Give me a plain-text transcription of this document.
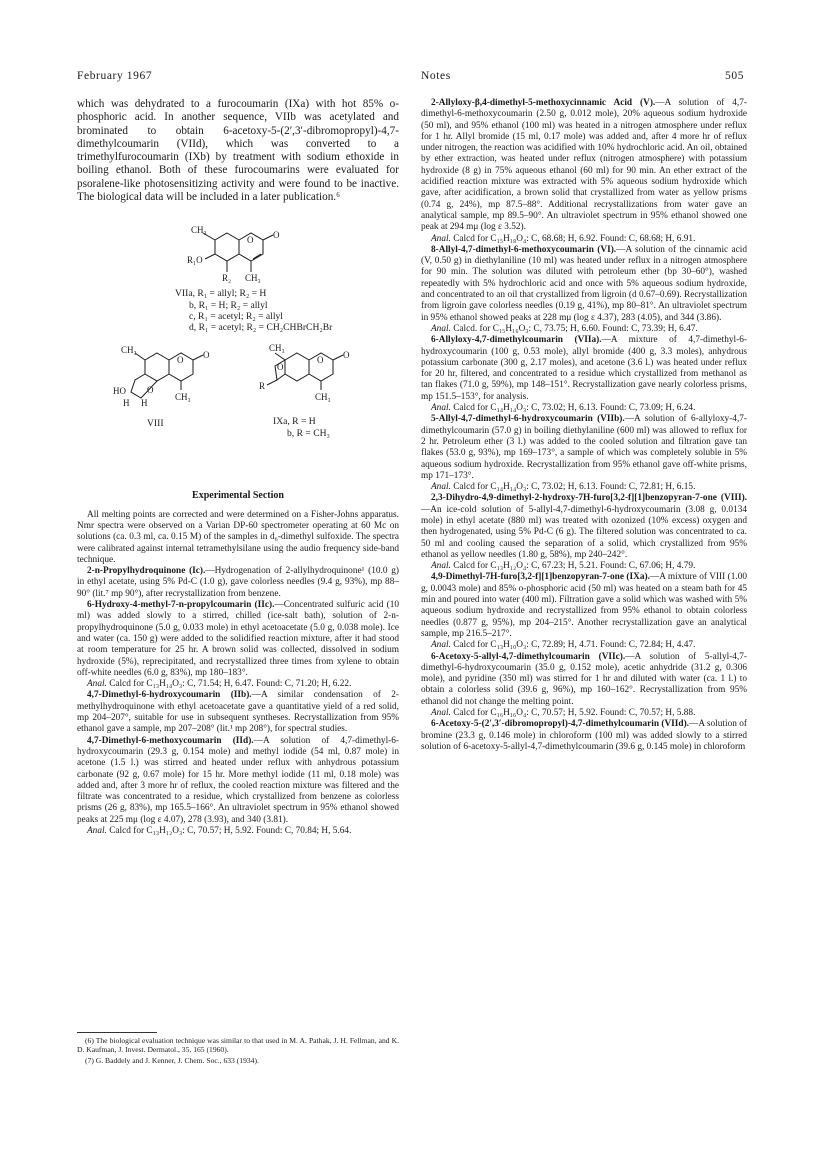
February 1967	Notes	505

which was dehydrated to a furocoumarin (IXa) with hot 85% o-phosphoric acid. In another sequence, VIIb was acetylated and brominated to obtain 6-acetoxy-5-(2′,3′-dibromopropyl)-4,7-dimethylcoumarin (VIId), which was converted to a trimethylfurocoumarin (IXb) by treatment with sodium ethoxide in boiling ethanol. Both of these furocoumarins were evaluated for psoralene-like photosensitizing activity and were found to be inactive. The biological data will be included in a later publication.⁶

CH₃
O O
R₁O
R₂ CH₃
CH₃
O O
O
HO
H H
CH₃
VIII
CH₃
O O
O
R
CH₃
VIIa, R₁ = allyl; R₂ = H
b, R₁ = H; R₂ = allyl
c, R₁ = acetyl; R₂ = allyl
d, R₁ = acetyl; R₂ = CH₂CHBrCH₂Br
IXa, R = H
b, R = CH₃
Experimental Section

All melting points are corrected and were determined on a Fisher-Johns apparatus. Nmr spectra were observed on a Varian DP-60 spectrometer operating at 60 Mc on solutions (ca. 0.3 ml, ca. 0.15 M) of the samples in d₆-dimethyl sulfoxide. The spectra were calibrated against internal tetramethylsilane using the audio frequency side-band technique.

2-n-Propylhydroquinone (Ic).—Hydrogenation of 2-allylhydroquinone¹ (10.0 g) in ethyl acetate, using 5% Pd-C (1.0 g), gave colorless needles (9.4 g, 93%), mp 88–90° (lit.⁷ mp 90°), after recrystallization from benzene.

6-Hydroxy-4-methyl-7-n-propylcoumarin (IIc).—Concentrated sulfuric acid (10 ml) was added slowly to a stirred, chilled (ice-salt bath), solution of 2-n-propylhydroquinone (5.0 g, 0.033 mole) in ethyl acetoacetate (5.0 g, 0.038 mole). Ice and water (ca. 150 g) were added to the solidified reaction mixture, after it had stood at room temperature for 25 hr. A brown solid was collected, dissolved in sodium hydroxide (5%), reprecipitated, and recrystallized three times from xylene to obtain off-white needles (6.0 g, 83%), mp 180–183°.

Anal. Calcd for C₁₃H₁₄O₃: C, 71.54; H, 6.47. Found: C, 71.20; H, 6.22.

4,7-Dimethyl-6-hydroxycoumarin (IIb).—A similar condensation of 2-methylhydroquinone with ethyl acetoacetate gave a quantitative yield of a red solid, mp 204–207°, suitable for use in subsequent syntheses. Recrystallization from 95% ethanol gave a sample, mp 207–208° (lit.¹ mp 208°), for spectral studies.

4,7-Dimethyl-6-methoxycoumarin (IId).—A solution of 4,7-dimethyl-6-hydroxycoumarin (29.3 g, 0.154 mole) and methyl iodide (54 ml, 0.87 mole) in acetone (1.5 l.) was stirred and heated under reflux with anhydrous potassium carbonate (92 g, 0.67 mole) for 15 hr. More methyl iodide (11 ml, 0.18 mole) was added and, after 3 more hr of reflux, the cooled reaction mixture was filtered and the filtrate was concentrated to a residue, which crystallized from benzene as colorless prisms (26 g, 83%), mp 165.5–166°. An ultraviolet spectrum in 95% ethanol showed peaks at 225 mμ (log ε 4.07), 278 (3.93), and 340 (3.81).

Anal. Calcd for C₁₃H₁₂O₃: C, 70.57; H, 5.92. Found: C, 70.84; H, 5.64.

(6) The biological evaluation technique was similar to that used in M. A. Pathak, J. H. Fellman, and K. D. Kaufman, J. Invest. Dermatol., 35, 165 (1960).

(7) G. Baddely and J. Kenner, J. Chem. Soc., 633 (1934).

2-Allyloxy-β,4-dimethyl-5-methoxycinnamic Acid (V).—A solution of 4,7-dimethyl-6-methoxycoumarin (2.50 g, 0.012 mole), 20% aqueous sodium hydroxide (50 ml), and 95% ethanol (100 ml) was heated in a nitrogen atmosphere under reflux for 1 hr. Allyl bromide (15 ml, 0.17 mole) was added and, after 4 more hr of reflux under nitrogen, the reaction was acidified with 10% hydrochloric acid. An oil, obtained by ether extraction, was heated under reflux (nitrogen atmosphere) with potassium hydroxide (8 g) in 75% aqueous ethanol (60 ml) for 90 min. An ether extract of the acidified reaction mixture was extracted with 5% aqueous sodium hydroxide which gave, after acidification, a brown solid that crystallized from water as yellow prisms (0.74 g, 24%), mp 87.5–88°. Additional recrystallizations from water gave an analytical sample, mp 89.5–90°. An ultraviolet spectrum in 95% ethanol showed one peak at 294 mμ (log ε 3.52).

Anal. Calcd for C₁₅H₁₈O₄: C, 68.68; H, 6.92. Found: C, 68.68; H, 6.91.

8-Allyl-4,7-dimethyl-6-methoxycoumarin (VI).—A solution of the cinnamic acid (V, 0.50 g) in diethylaniline (10 ml) was heated under reflux in a nitrogen atmosphere for 90 min. The solution was diluted with petroleum ether (bp 30–60°), washed repeatedly with 5% hydrochloric acid and once with 5% aqueous sodium hydroxide, and concentrated to an oil that crystallized from ligroin (d 0.67–0.69). Recrystallization from ligroin gave colorless needles (0.19 g, 41%), mp 80–81°. An ultraviolet spectrum in 95% ethanol showed peaks at 228 mμ (log ε 4.37), 283 (4.05), and 344 (3.86).

Anal. Calcd. for C₁₅H₁₆O₃: C, 73.75; H, 6.60. Found: C, 73.39; H, 6.47.

6-Allyloxy-4,7-dimethylcoumarin (VIIa).—A mixture of 4,7-dimethyl-6-hydroxycoumarin (100 g, 0.53 mole), allyl bromide (400 g, 3.3 moles), anhydrous potassium carbonate (300 g, 2.17 moles), and acetone (3.6 l.) was heated under reflux for 20 hr, filtered, and concentrated to a residue which crystallized from methanol as tan flakes (71.0 g, 59%), mp 148–151°. Recrystallization gave nearly colorless prisms, mp 151.5–153°, for analysis.

Anal. Calcd for C₁₄H₁₄O₃: C, 73.02; H, 6.13. Found: C, 73.09; H, 6.24.

5-Allyl-4,7-dimethyl-6-hydroxycoumarin (VIIb).—A solution of 6-allyloxy-4,7-dimethylcoumarin (57.0 g) in boiling diethylaniline (600 ml) was allowed to reflux for 2 hr. Petroleum ether (3 l.) was added to the cooled solution and filtration gave tan flakes (53.0 g, 93%), mp 169–173°, a sample of which was completely soluble in 5% aqueous sodium hydroxide. Recrystallization from 95% ethanol gave off-white prisms, mp 171–173°.

Anal. Calcd for C₁₄H₁₄O₃: C, 73.02; H, 6.13. Found: C, 72.81; H, 6.15.

2,3-Dihydro-4,9-dimethyl-2-hydroxy-7H-furo[3,2-f][1]benzopyran-7-one (VIII).—An ice-cold solution of 5-allyl-4,7-dimethyl-6-hydroxycoumarin (3.08 g, 0.0134 mole) in ethyl acetate (880 ml) was treated with ozonized (10% excess) oxygen and then hydrogenated, using 5% Pd-C (6 g). The filtered solution was concentrated to ca. 50 ml and cooling caused the separation of a solid, which crystallized from 95% ethanol as yellow needles (1.80 g, 58%), mp 240–242°.

Anal. Calcd for C₁₃H₁₂O₄: C, 67.23; H, 5.21. Found: C, 67.06; H, 4.79.

4,9-Dimethyl-7H-furo[3,2-f][1]benzopyran-7-one (IXa).—A mixture of VIII (1.00 g, 0.0043 mole) and 85% o-phosphoric acid (50 ml) was heated on a steam bath for 45 min and poured into water (400 ml). Filtration gave a solid which was washed with 5% aqueous sodium hydroxide and recrystallized from 95% ethanol to obtain colorless needles (0.877 g, 95%), mp 204–215°. Another recrystallization gave an analytical sample, mp 216.5–217°.

Anal. Calcd for C₁₃H₁₀O₃: C, 72.89; H, 4.71. Found: C, 72.84; H, 4.47.

6-Acetoxy-5-allyl-4,7-dimethylcoumarin (VIIc).—A solution of 5-allyl-4,7-dimethyl-6-hydroxycoumarin (35.0 g, 0.152 mole), acetic anhydride (31.2 g, 0.306 mole), and pyridine (350 ml) was stirred for 1 hr and diluted with water (ca. 1 l.) to obtain a colorless solid (39.6 g, 96%), mp 160–162°. Recrystallization from 95% ethanol did not change the melting point.

Anal. Calcd for C₁₆H₁₆O₄: C, 70.57; H, 5.92. Found: C, 70.57; H, 5.88.

6-Acetoxy-5-(2′,3′-dibromopropyl)-4,7-dimethylcoumarin (VIId).—A solution of bromine (23.3 g, 0.146 mole) in chloroform (100 ml) was added slowly to a stirred solution of 6-acetoxy-5-allyl-4,7-dimethylcoumarin (39.6 g, 0.145 mole) in chloroform
